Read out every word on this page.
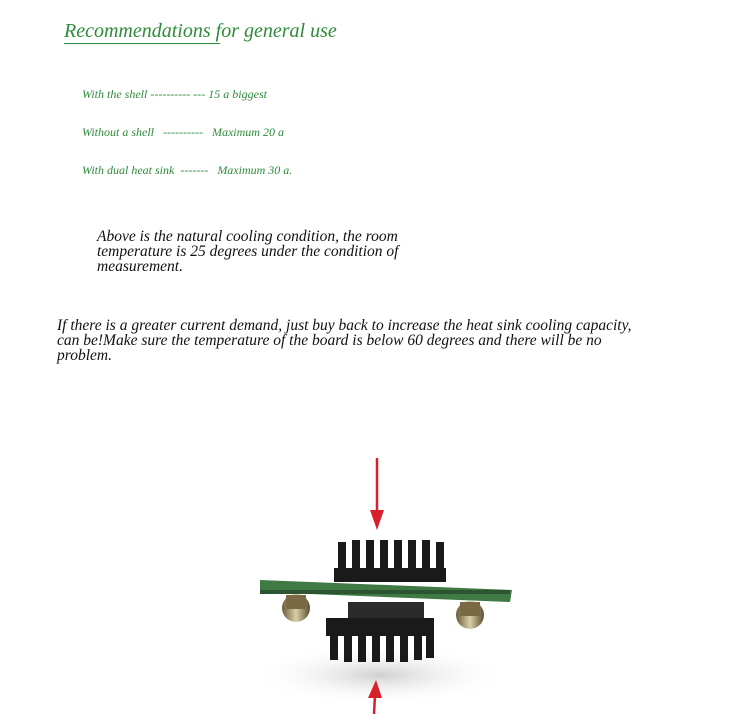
Recommendations for general use

With the shell ---------- --- 15 a biggest

Without a shell ---------- Maximum 20 a

With dual heat sink ------- Maximum 30 a.

Above is the natural cooling condition, the room
temperature is 25 degrees under the condition of
measurement.
If there is a greater current demand, just buy back to increase the heat sink cooling capacity,
can be!Make sure the temperature of the board is below 60 degrees and there will be no
problem.
